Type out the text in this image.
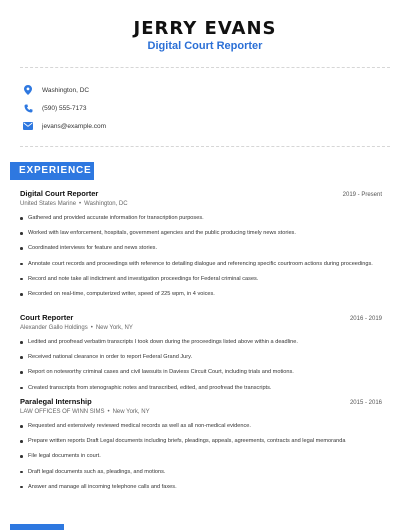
JERRY EVANS
Digital Court Reporter
Washington, DC
(590) 555-7173
jevans@example.com
EXPERIENCE
Digital Court Reporter	2019 - Present
United States Marine • Washington, DC
Gathered and provided accurate information for transcription purposes.
Worked with law enforcement, hospitals, government agencies and the public producing timely news stories.
Coordinated interviews for feature and news stories.
Annotate court records and proceedings with reference to detailing dialogue and referencing specific courtroom actions during proceedings.
Record and note take all indictment and investigation proceedings for Federal criminal cases.
Recorded on real-time, computerized writer, speed of 225 wpm, in 4 voices.
Court Reporter	2016 - 2019
Alexander Gallo Holdings • New York, NY
Ledited and proofread verbatim transcripts I took down during the proceedings listed above within a deadline.
Received national clearance in order to report Federal Grand Jury.
Report on noteworthy criminal cases and civil lawsuits in Daviess Circuit Court, including trials and motions.
Created transcripts from stenographic notes and transcribed, edited, and proofread the transcripts.
Paralegal Internship	2015 - 2016
LAW OFFICES OF WINN SIMS • New York, NY
Requested and extensively reviewed medical records as well as all non-medical evidence.
Prepare written reports Draft Legal documents including briefs, pleadings, appeals, agreements, contracts and legal memoranda
File legal documents in court.
Draft legal documents such as, pleadings, and motions.
Answer and manage all incoming telephone calls and faxes.
